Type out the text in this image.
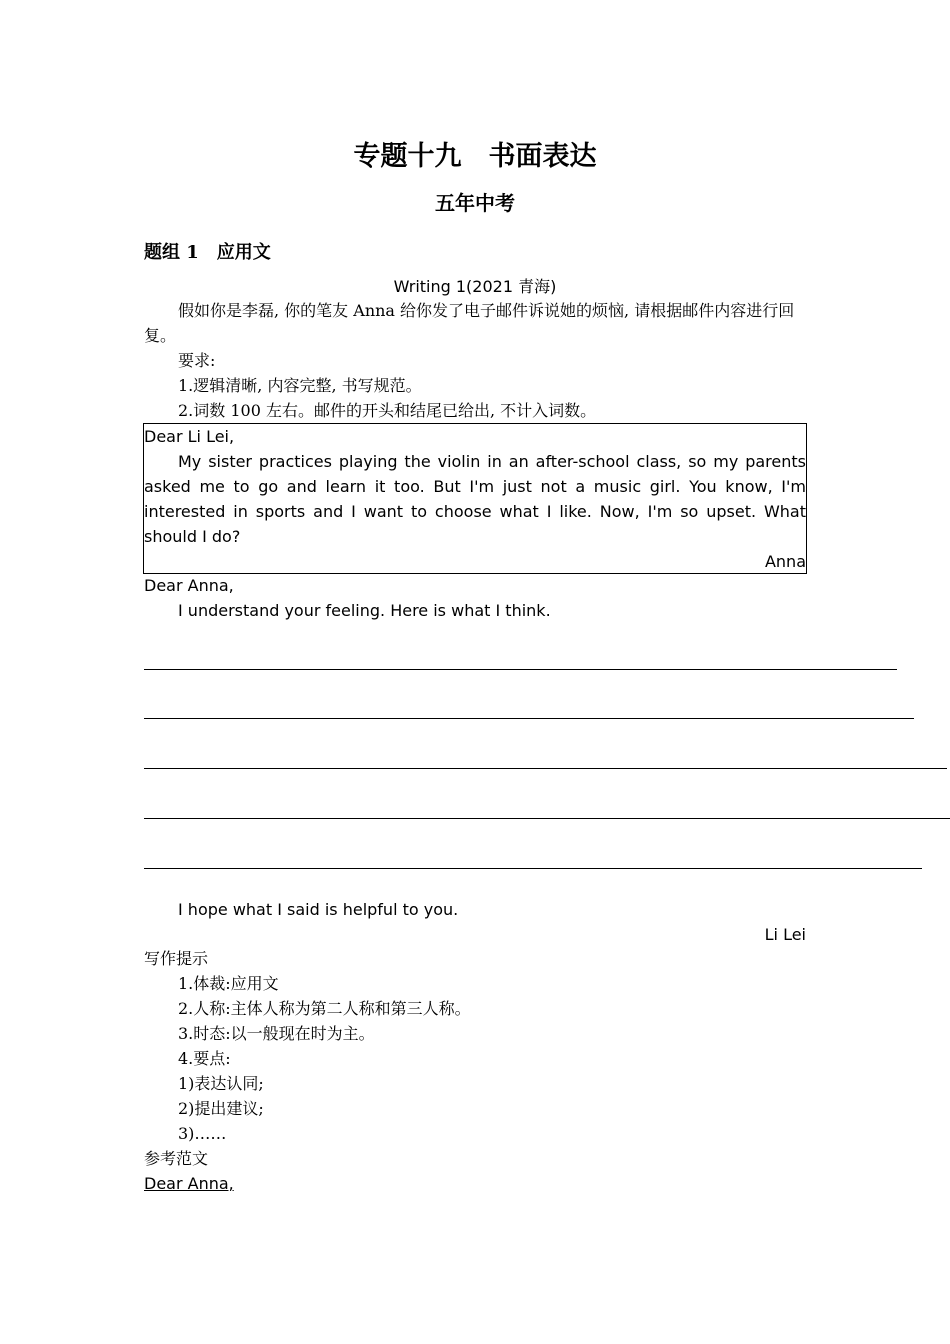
专题十九　书面表达
五年中考
题组 1　应用文
Writing 1(2021 青海)
假如你是李磊, 你的笔友 Anna 给你发了电子邮件诉说她的烦恼, 请根据邮件内容进行回复。
要求:
1.逻辑清晰, 内容完整, 书写规范。
2.词数 100 左右。邮件的开头和结尾已给出, 不计入词数。
Dear Li Lei,
My sister practices playing the violin in an after-school class, so my parents asked me to go and learn it too. But I'm just not a music girl. You know, I'm interested in sports and I want to choose what I like. Now, I'm so upset. What should I do?
Anna
Dear Anna,
I understand your feeling. Here is what I think.
I hope what I said is helpful to you.
Li Lei
写作提示
1.体裁:应用文
2.人称:主体人称为第二人称和第三人称。
3.时态:以一般现在时为主。
4.要点:
1)表达认同;
2)提出建议;
3)……
参考范文
Dear Anna,
